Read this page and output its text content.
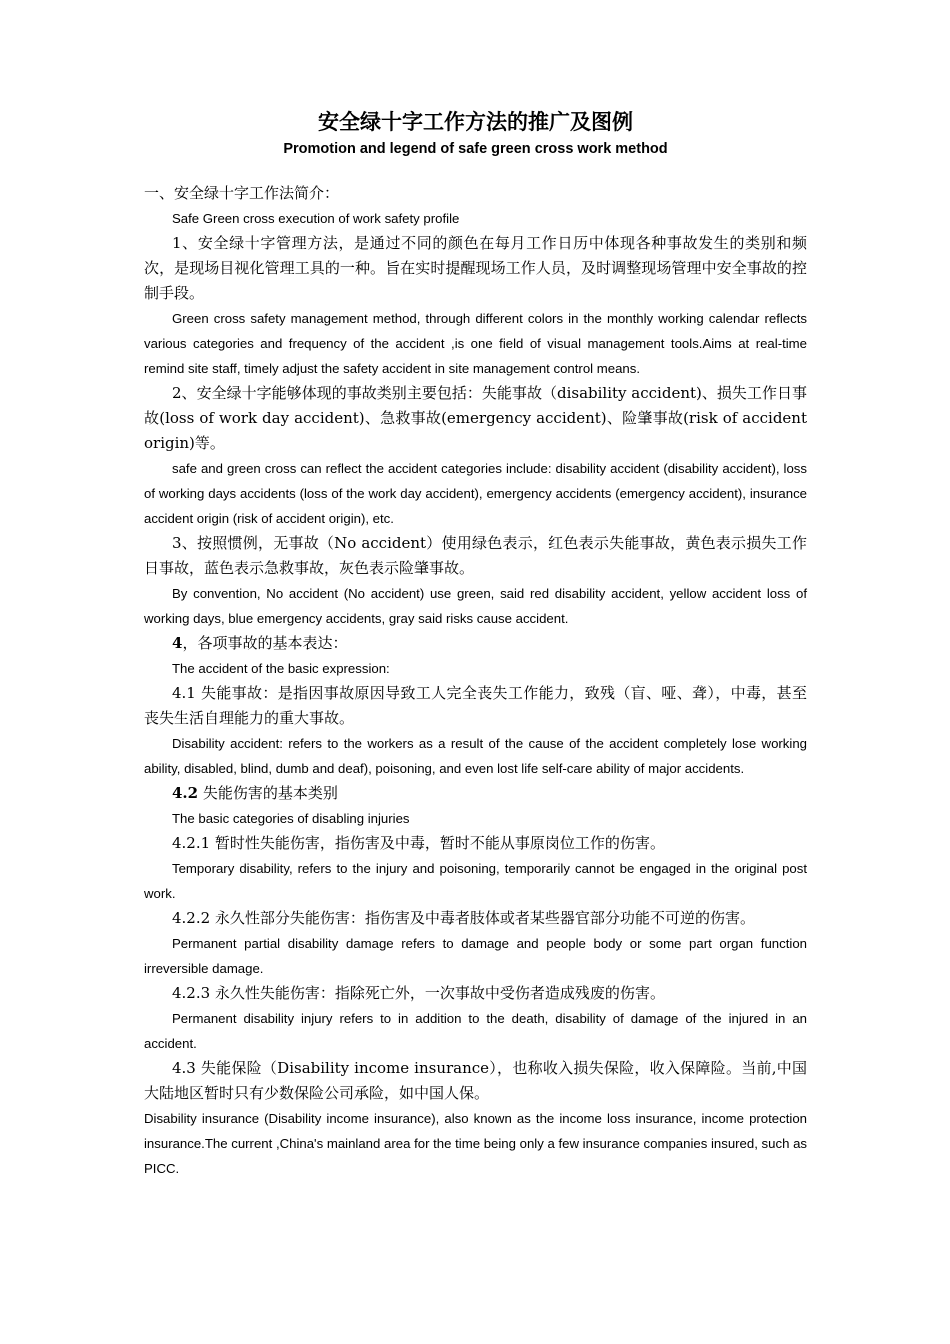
安全绿十字工作方法的推广及图例
Promotion and legend of safe green cross work method

一、安全绿十字工作法简介：

Safe Green cross execution of work safety profile

1、安全绿十字管理方法，是通过不同的颜色在每月工作日历中体现各种事故发生的类别和频次，是现场目视化管理工具的一种。旨在实时提醒现场工作人员，及时调整现场管理中安全事故的控制手段。

Green cross safety management method, through different colors in the monthly working calendar reflects various categories and frequency of the accident ,is one field of visual management tools.Aims at real-time remind site staff, timely adjust the safety accident in site management control means.

2、安全绿十字能够体现的事故类别主要包括：失能事故（disability accident)、损失工作日事故(loss of work day accident)、急救事故(emergency accident)、险肇事故(risk of accident origin)等。

safe and green cross can reflect the accident categories include: disability accident (disability accident), loss of working days accidents (loss of the work day accident), emergency accidents (emergency accident), insurance accident origin (risk of accident origin), etc.

3、按照惯例，无事故（No accident）使用绿色表示，红色表示失能事故，黄色表示损失工作日事故，蓝色表示急救事故，灰色表示险肇事故。

By convention, No accident (No accident) use green, said red disability accident, yellow accident loss of working days, blue emergency accidents, gray said risks cause accident.

4，各项事故的基本表达：

The accident of the basic expression:

4.1 失能事故：是指因事故原因导致工人完全丧失工作能力，致残（盲、哑、聋），中毒，甚至丧失生活自理能力的重大事故。

Disability accident: refers to the workers as a result of the cause of the accident completely lose working ability, disabled, blind, dumb and deaf), poisoning, and even lost life self-care ability of major accidents.

4.2 失能伤害的基本类别

The basic categories of disabling injuries

4.2.1 暂时性失能伤害，指伤害及中毒，暂时不能从事原岗位工作的伤害。

Temporary disability, refers to the injury and poisoning, temporarily cannot be engaged in the original post work.

4.2.2 永久性部分失能伤害：指伤害及中毒者肢体或者某些器官部分功能不可逆的伤害。

Permanent partial disability damage refers to damage and people body or some part organ function irreversible damage.

4.2.3 永久性失能伤害：指除死亡外，一次事故中受伤者造成残废的伤害。

Permanent disability injury refers to in addition to the death, disability of damage of the injured in an accident.

4.3 失能保险（Disability income insurance），也称收入损失保险，收入保障险。当前,中国大陆地区暂时只有少数保险公司承险，如中国人保。

Disability insurance (Disability income insurance), also known as the income loss insurance, income protection insurance.The current ,China's mainland area for the time being only a few insurance companies insured, such as PICC.
